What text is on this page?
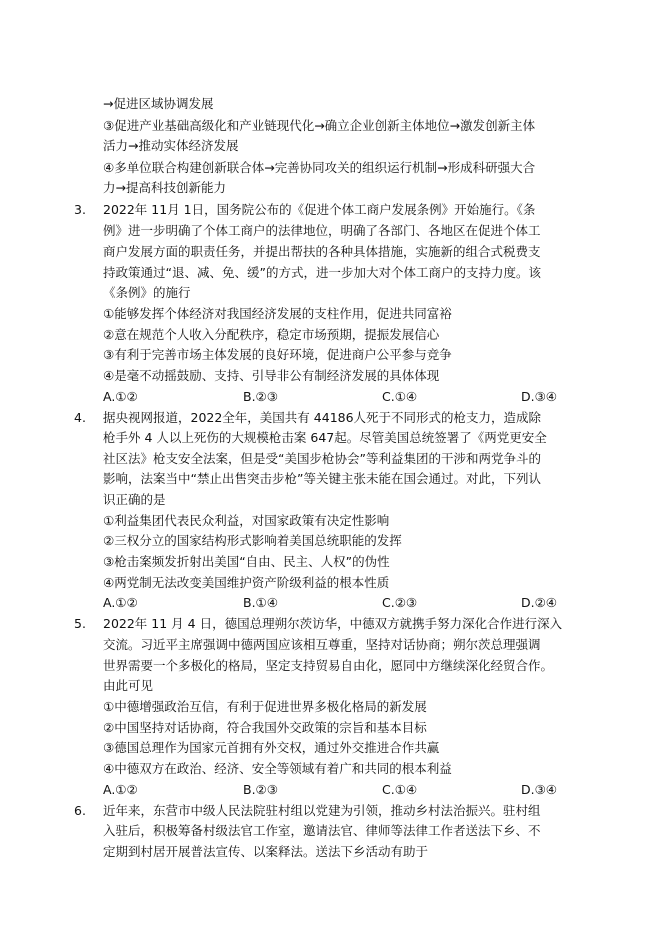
→促进区域协调发展
③促进产业基础高级化和产业链现代化→确立企业创新主体地位→激发创新主体
活力→推动实体经济发展
④多单位联合构建创新联合体→完善协同攻关的组织运行机制→形成科研强大合
力→提高科技创新能力
3. 2022年 11月 1日，国务院公布的《促进个体工商户发展条例》开始施行。《条
例》进一步明确了个体工商户的法律地位，明确了各部门、各地区在促进个体工
商户发展方面的职责任务，并提出帮扶的各种具体措施，实施新的组合式税费支
持政策通过“退、减、免、缓”的方式，进一步加大对个体工商户的支持力度。该
《条例》的施行
①能够发挥个体经济对我国经济发展的支柱作用，促进共同富裕
②意在规范个人收入分配秩序，稳定市场预期，提振发展信心
③有利于完善市场主体发展的良好环境，促进商户公平参与竞争
④是毫不动摇鼓励、支持、引导非公有制经济发展的具体体现
A.①②	B.②③	C.①④	D.③④
4. 据央视网报道，2022全年，美国共有 44186人死于不同形式的枪支力，造成除
枪手外 4 人以上死伤的大规模枪击案 647起。尽管美国总统签署了《两党更安全
社区法》枪支安全法案，但是受“美国步枪协会”等利益集团的干涉和两党争斗的
影响，法案当中“禁止出售突击步枪”等关键主张未能在国会通过。对此，下列认
识正确的是
①利益集团代表民众利益，对国家政策有决定性影响
②三权分立的国家结构形式影响着美国总统职能的发挥
③枪击案频发折射出美国“自由、民主、人权”的伪性
④两党制无法改变美国维护资产阶级利益的根本性质
A.①②	B.①④	C.②③	D.②④
5. 2022年 11 月 4 日，德国总理朔尔茨访华，中德双方就携手努力深化合作进行深入
交流。习近平主席强调中德两国应该相互尊重，坚持对话协商；朔尔茨总理强调
世界需要一个多极化的格局，坚定支持贸易自由化，愿同中方继续深化经贸合作。
由此可见
①中德增强政治互信，有利于促进世界多极化格局的新发展
②中国坚持对话协商，符合我国外交政策的宗旨和基本目标
③德国总理作为国家元首拥有外交权，通过外交推进合作共赢
④中德双方在政治、经济、安全等领域有着广和共同的根本利益
A.①②	B.②③	C.①④	D.③④
6. 近年来，东营市中级人民法院驻村组以党建为引领，推动乡村法治振兴。驻村组
入驻后，积极筹备村级法官工作室，邀请法官、律师等法律工作者送法下乡、不
定期到村居开展普法宣传、以案释法。送法下乡活动有助于
